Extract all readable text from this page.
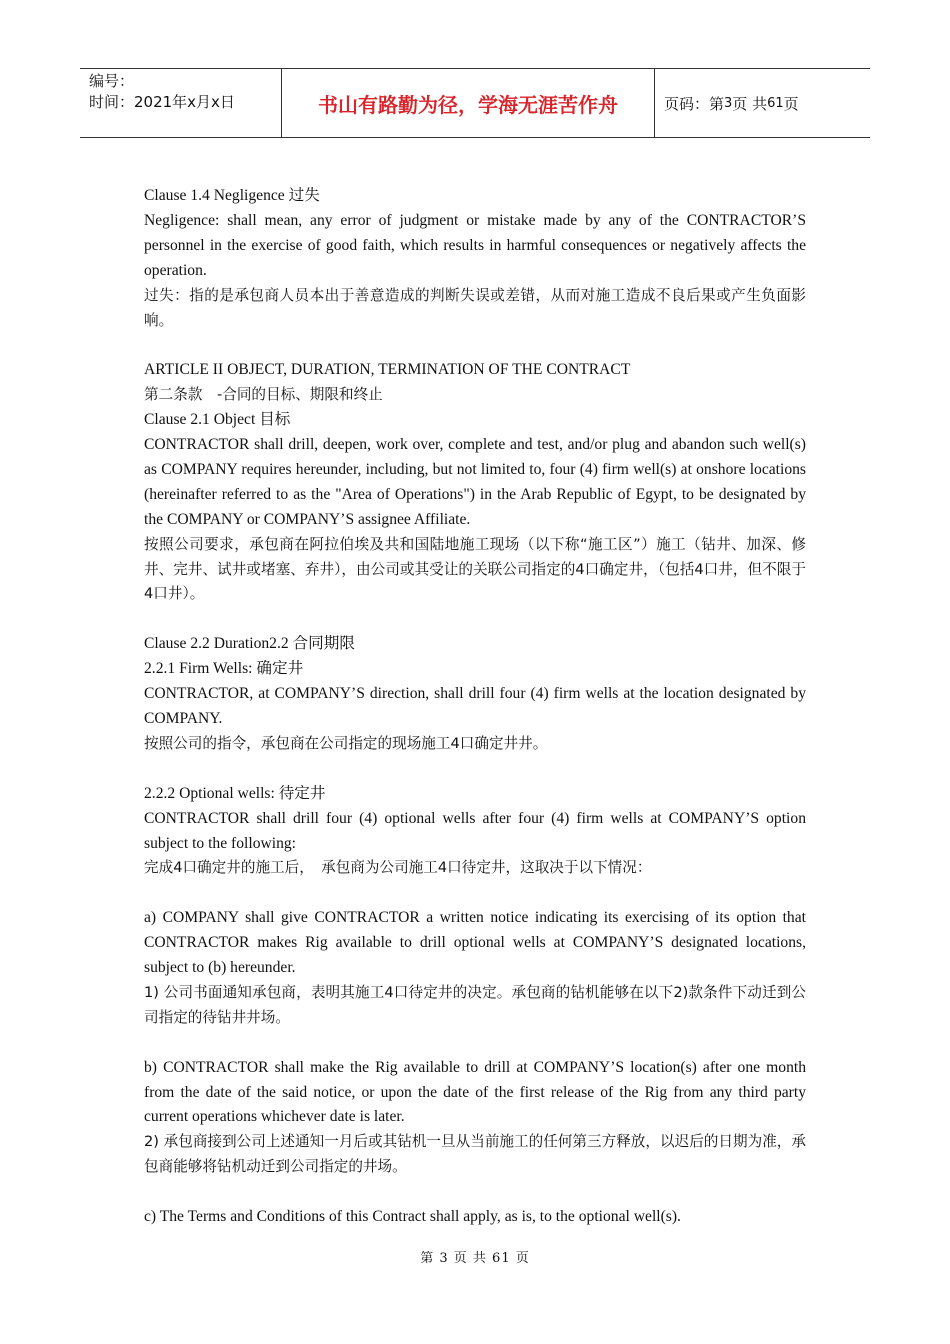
编号：
时间：2021年x月x日	书山有路勤为径，学海无涯苦作舟	页码：第 3 页 共 61 页

Clause 1.4 Negligence 过失

Negligence: shall mean, any error of judgment or mistake made by any of the CONTRACTOR’S personnel in the exercise of good faith, which results in harmful consequences or negatively affects the operation.

过失：指的是承包商人员本出于善意造成的判断失误或差错，从而对施工造成不良后果或产生负面影响。

ARTICLE II OBJECT, DURATION, TERMINATION OF THE CONTRACT

第二条款　-合同的目标、期限和终止

Clause 2.1 Object 目标

CONTRACTOR shall drill, deepen, work over, complete and test, and/or plug and abandon such well(s) as COMPANY requires hereunder, including, but not limited to, four (4) firm well(s) at onshore locations (hereinafter referred to as the "Area of Operations") in the Arab Republic of Egypt, to be designated by the COMPANY or COMPANY’S assignee Affiliate.

按照公司要求，承包商在阿拉伯埃及共和国陆地施工现场（以下称“施工区”）施工（钻井、加深、修井、完井、试井或堵塞、弃井），由公司或其受让的关联公司指定的4口确定井，（包括4口井，但不限于4口井）。

Clause 2.2 Duration2.2 合同期限

2.2.1 Firm Wells: 确定井

CONTRACTOR, at COMPANY’S direction, shall drill four (4) firm wells at the location designated by COMPANY.

按照公司的指令，承包商在公司指定的现场施工4口确定井井。

2.2.2 Optional wells: 待定井

CONTRACTOR shall drill four (4) optional wells after four (4) firm wells at COMPANY’S option subject to the following:

完成4口确定井的施工后，　承包商为公司施工4口待定井，这取决于以下情况：

a) COMPANY shall give CONTRACTOR a written notice indicating its exercising of its option that CONTRACTOR makes Rig available to drill optional wells at COMPANY’S designated locations, subject to (b) hereunder.

1) 公司书面通知承包商，表明其施工4口待定井的决定。承包商的钻机能够在以下2)款条件下动迁到公司指定的待钻井井场。

b) CONTRACTOR shall make the Rig available to drill at COMPANY’S location(s) after one month from the date of the said notice, or upon the date of the first release of the Rig from any third party current operations whichever date is later.

2) 承包商接到公司上述通知一月后或其钻机一旦从当前施工的任何第三方释放，以迟后的日期为准，承包商能够将钻机动迁到公司指定的井场。

c) The Terms and Conditions of this Contract shall apply, as is, to the optional well(s).

第 3 页 共 61 页
